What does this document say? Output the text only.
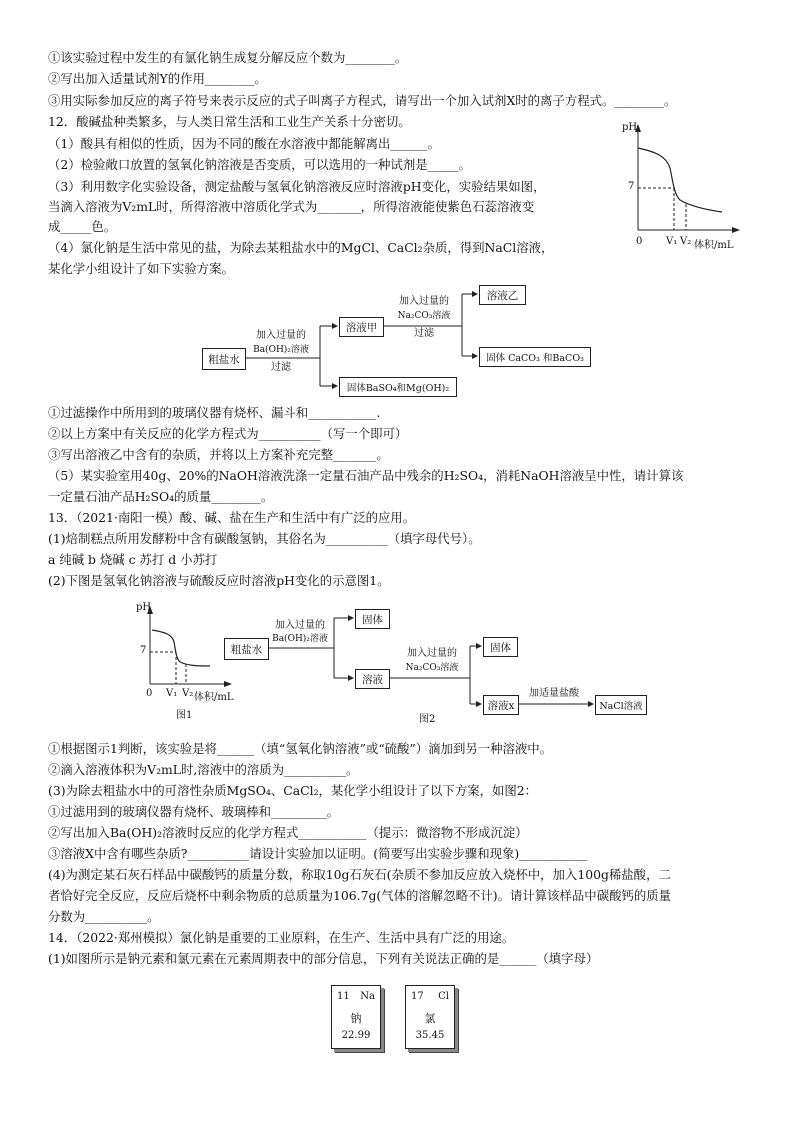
①该实验过程中发生的有氯化钠生成复分解反应个数为________。
②写出加入适量试剂Y的作用________。
③用实际参加反应的离子符号来表示反应的式子叫离子方程式，请写出一个加入试剂X时的离子方程式。________。
12．酸碱盐种类繁多，与人类日常生活和工业生产关系十分密切。
（1）酸具有相似的性质，因为不同的酸在水溶液中都能解离出______。
（2）检验敞口放置的氢氧化钠溶液是否变质，可以选用的一种试剂是_____。
（3）利用数字化实验设备，测定盐酸与氢氧化钠溶液反应时溶液pH变化，实验结果如图，
当滴入溶液为V₂mL时，所得溶液中溶质化学式为_______，所得溶液能使紫色石蕊溶液变
成_____色。
（4）氯化钠是生活中常见的盐，为除去某粗盐水中的MgCl、CaCl₂杂质，得到NaCl溶液，
某化学小组设计了如下实验方案。
①过滤操作中所用到的玻璃仪器有烧杯、漏斗和___________.
②以上方案中有关反应的化学方程式为__________（写一个即可）
③写出溶液乙中含有的杂质，并将以上方案补充完整_______。
（5）某实验室用40g、20%的NaOH溶液洗涤一定量石油产品中残余的H₂SO₄，消耗NaOH溶液呈中性，请计算该
一定量石油产品H₂SO₄的质量________。
13．（2021·南阳一模）酸、碱、盐在生产和生活中有广泛的应用。
(1)焙制糕点所用发酵粉中含有碳酸氢钠，其俗名为__________（填字母代号）。
a 纯碱 b 烧碱 c 苏打 d 小苏打
(2)下图是氢氧化钠溶液与硫酸反应时溶液pH变化的示意图1。
①根据图示1判断，该实验是将______（填“氢氧化钠溶液”或“硫酸”）滴加到另一种溶液中。
②滴入溶液体积为V₂mL时,溶液中的溶质为__________。
(3)为除去粗盐水中的可溶性杂质MgSO₄、CaCl₂，某化学小组设计了以下方案，如图2：
①过滤用到的玻璃仪器有烧杯、玻璃棒和_________。
②写出加入Ba(OH)₂溶液时反应的化学方程式___________（提示：微溶物不形成沉淀）
③溶液X中含有哪些杂质?__________请设计实验加以证明。(简要写出实验步骤和现象)___________
(4)为测定某石灰石样品中碳酸钙的质量分数，称取10g石灰石(杂质不参加反应放入烧杯中，加入100g稀盐酸，二
者恰好完全反应，反应后烧杯中剩余物质的总质量为106.7g(气体的溶解忽略不计)。请计算该样品中碳酸钙的质量
分数为__________。
14．（2022·郑州模拟）氯化钠是重要的工业原料，在生产、生活中具有广泛的用途。
(1)如图所示是钠元素和氯元素在元素周期表中的部分信息，下列有关说法正确的是______（填字母）
pH
7
0 V₁ V₂ 体积/mL
粗盐水
加入过量的
Ba(OH)₂溶液
过滤
溶液甲
固体BaSO₄和Mg(OH)₂
加入过量的
Na₂CO₃溶液
过滤
溶液乙
固体 CaCO₃ 和BaCO₃
pH
7
0 V₁ V₂ 体积/mL
图1
粗盐水
加入过量的
Ba(OH)₂溶液
固体
溶液
加入过量的
Na₂CO₃溶液
固体
溶液x
加适量盐酸
NaCl溶液
图2
11 Na
钠
22.99
17 Cl
氯
35.45
